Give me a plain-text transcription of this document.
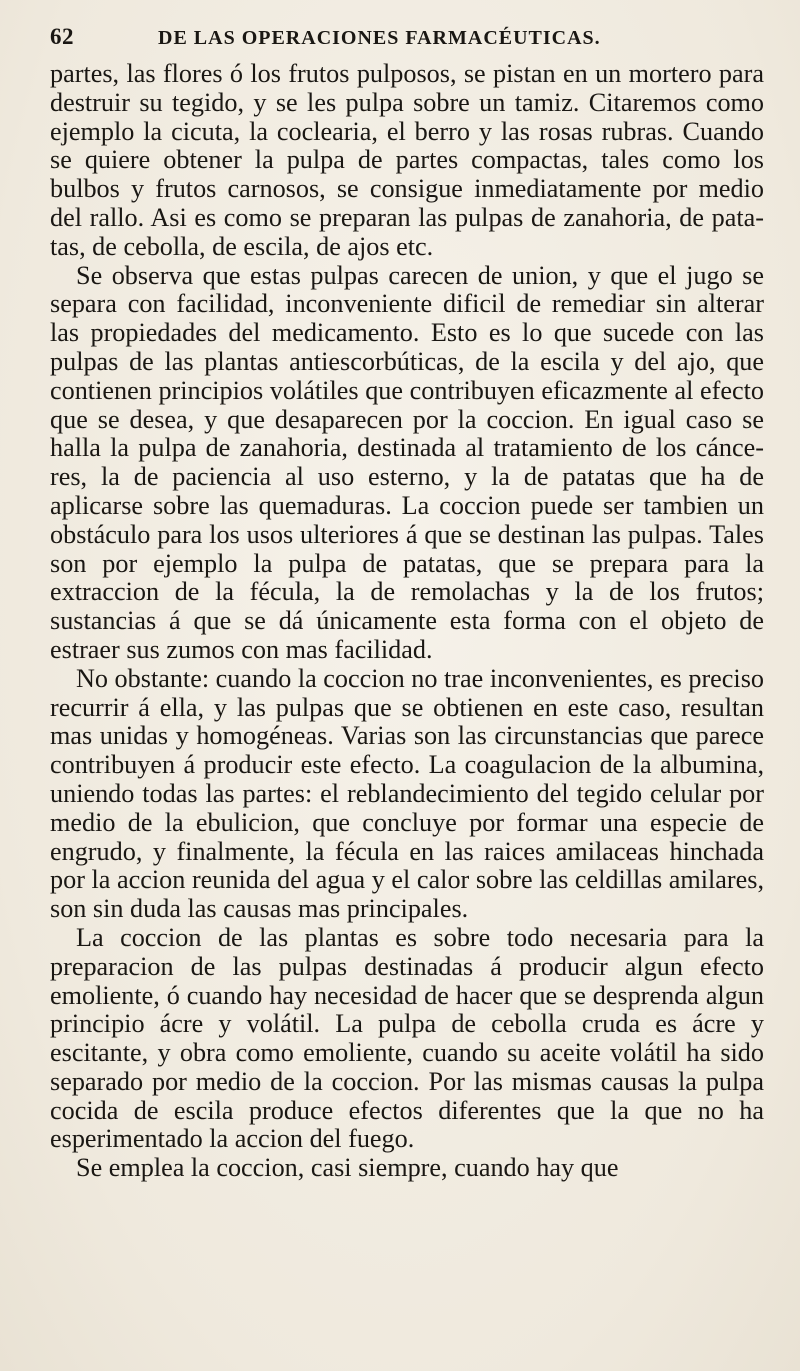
62	DE LAS OPERACIONES FARMACÉUTICAS.

partes, las flores ó los frutos pulposos, se pistan en un mortero para destruir su tegido, y se les pulpa sobre un tamiz. Citaremos como ejemplo la cicuta, la coclearia, el berro y las rosas rubras. Cuando se quiere obtener la pulpa de partes compactas, tales como los bulbos y frutos carnosos, se consigue inmediatamente por medio del rallo. Asi es como se preparan las pulpas de zanahoria, de patatas, de cebolla, de escila, de ajos etc.

Se observa que estas pulpas carecen de union, y que el jugo se separa con facilidad, inconveniente dificil de remediar sin alterar las propiedades del medicamento. Esto es lo que sucede con las pulpas de las plantas antiescorbúticas, de la escila y del ajo, que contienen principios volátiles que contribuyen eficazmente al efecto que se desea, y que desaparecen por la coccion. En igual caso se halla la pulpa de zanahoria, destinada al tratamiento de los cánceres, la de paciencia al uso esterno, y la de patatas que ha de aplicarse sobre las quemaduras. La coccion puede ser tambien un obstáculo para los usos ulteriores á que se destinan las pulpas. Tales son por ejemplo la pulpa de patatas, que se prepara para la extraccion de la fécula, la de remolachas y la de los frutos; sustancias á que se dá únicamente esta forma con el objeto de estraer sus zumos con mas facilidad.

No obstante: cuando la coccion no trae inconvenientes, es preciso recurrir á ella, y las pulpas que se obtienen en este caso, resultan mas unidas y homogéneas. Varias son las circunstancias que parece contribuyen á producir este efecto. La coagulacion de la albumina, uniendo todas las partes: el reblandecimiento del tegido celular por medio de la ebulicion, que concluye por formar una especie de engrudo, y finalmente, la fécula en las raices amilaceas hinchada por la accion reunida del agua y el calor sobre las celdillas amilares, son sin duda las causas mas principales.

La coccion de las plantas es sobre todo necesaria para la preparacion de las pulpas destinadas á producir algun efecto emoliente, ó cuando hay necesidad de hacer que se desprenda algun principio ácre y volátil. La pulpa de cebolla cruda es ácre y escitante, y obra como emoliente, cuando su aceite volátil ha sido separado por medio de la coccion. Por las mismas causas la pulpa cocida de escila produce efectos diferentes que la que no ha esperimentado la accion del fuego.

Se emplea la coccion, casi siempre, cuando hay que
